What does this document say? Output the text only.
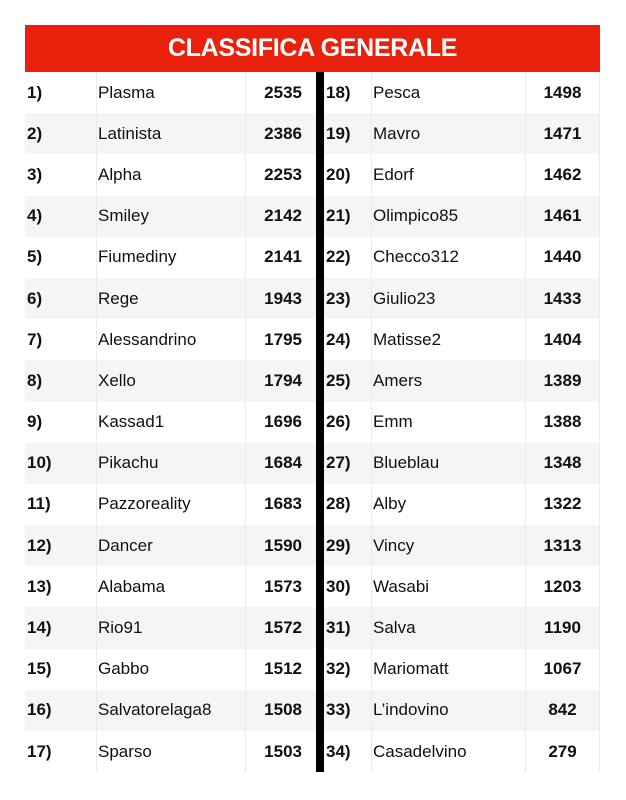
CLASSIFICA GENERALE
1)	Plasma	2535
2)	Latinista	2386
3)	Alpha	2253
4)	Smiley	2142
5)	Fiumediny	2141
6)	Rege	1943
7)	Alessandrino	1795
8)	Xello	1794
9)	Kassad1	1696
10)	Pikachu	1684
11)	Pazzoreality	1683
12)	Dancer	1590
13)	Alabama	1573
14)	Rio91	1572
15)	Gabbo	1512
16)	Salvatorelaga8	1508
17)	Sparso	1503
18)	Pesca	1498
19)	Mavro	1471
20)	Edorf	1462
21)	Olimpico85	1461
22)	Checco312	1440
23)	Giulio23	1433
24)	Matisse2	1404
25)	Amers	1389
26)	Emm	1388
27)	Blueblau	1348
28)	Alby	1322
29)	Vincy	1313
30)	Wasabi	1203
31)	Salva	1190
32)	Mariomatt	1067
33)	L’indovino	842
34)	Casadelvino	279
